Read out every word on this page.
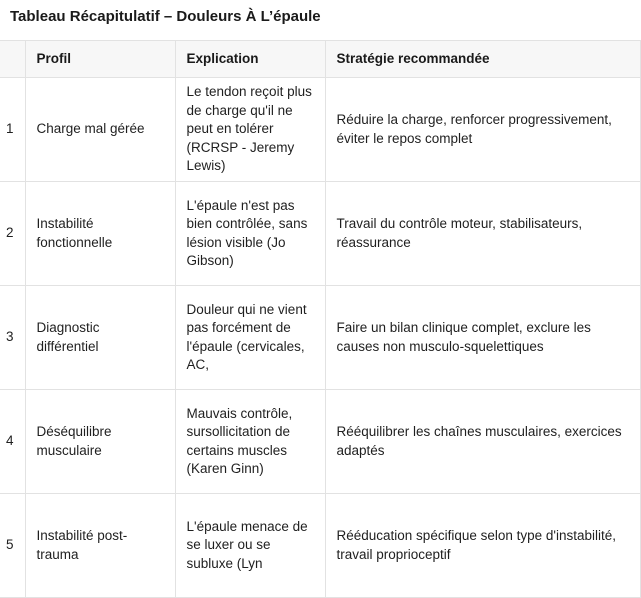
Tableau Récapitulatif – Douleurs À L’épaule
	Profil	Explication	Stratégie recommandée
1	Charge mal gérée	Le tendon reçoit plus de charge qu'il ne peut en tolérer (RCRSP - Jeremy Lewis)	Réduire la charge, renforcer progressivement, éviter le repos complet
2	Instabilité fonctionnelle	L'épaule n'est pas bien contrôlée, sans lésion visible (Jo Gibson)	Travail du contrôle moteur, stabilisateurs, réassurance
3	Diagnostic différentiel	Douleur qui ne vient pas forcément de l'épaule (cervicales, AC,	Faire un bilan clinique complet, exclure les causes non musculo-squelettiques
4	Déséquilibre musculaire	Mauvais contrôle, sursollicitation de certains muscles (Karen Ginn)	Rééquilibrer les chaînes musculaires, exercices adaptés
5	Instabilité post-trauma	L'épaule menace de se luxer ou se subluxe (Lyn	Rééducation spécifique selon type d'instabilité, travail proprioceptif
